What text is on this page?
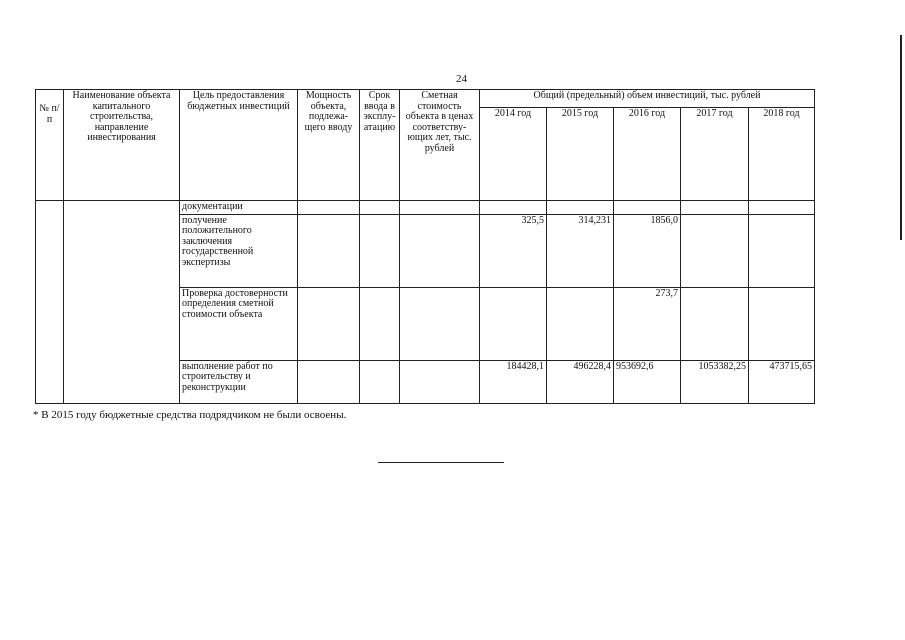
24
№ п/п	Наименование объекта капитального строительства, направление инвестирования	Цель предоставления бюджетных инвестиций	Мощность объекта, подлежа-щего вводу	Срок ввода в эксплу-атацию	Сметная стоимость объекта в ценах соответству-ющих лет, тыс. рублей	Общий (предельный) объем инвестиций, тыс. рублей				
						2014 год	2015 год	2016 год	2017 год	2018 год
		документации								
		получение положительного заключения государственной экспертизы				325,5	314,231	1856,0		
		Проверка достоверности определения сметной стоимости объекта						273,7		
		выполнение работ по строительству и реконструкции				184428,1	496228,4	953692,6	1053382,25	473715,65
* В 2015 году бюджетные средства подрядчиком не были освоены.
